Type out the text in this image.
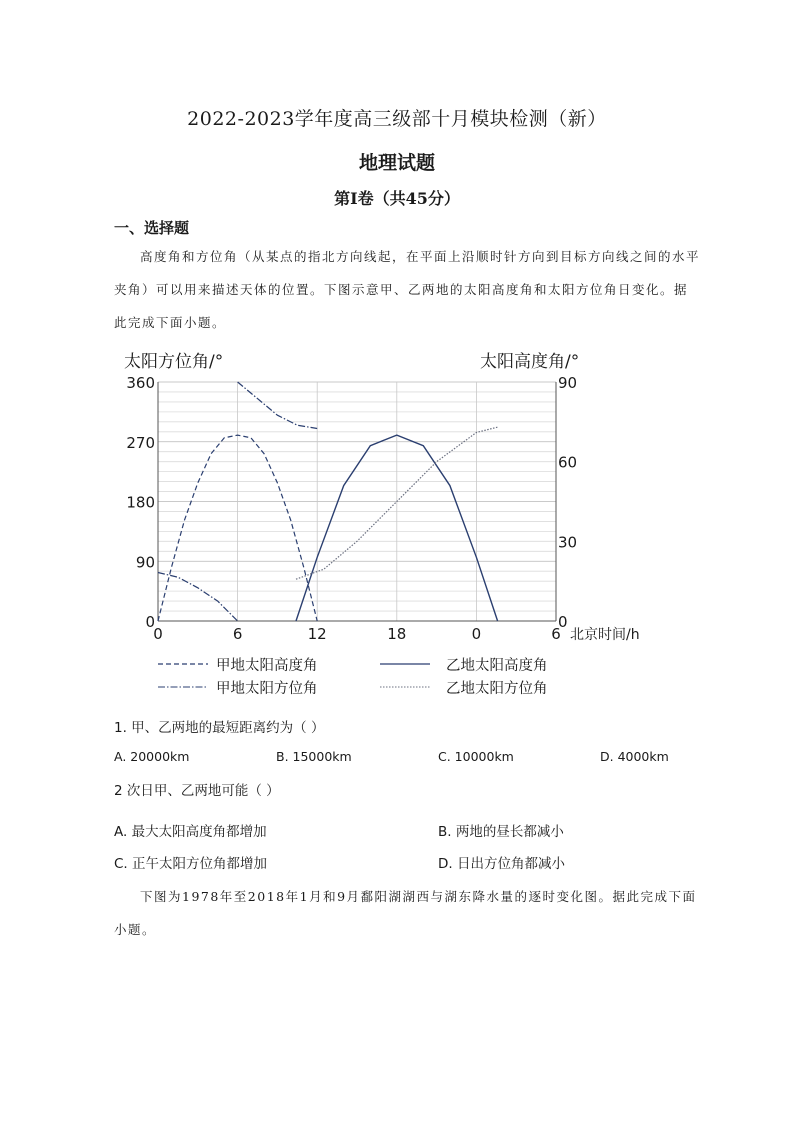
2022-2023学年度高三级部十月模块检测（新）
地理试题
第Ⅰ卷（共45分）
一、选择题
高度角和方位角（从某点的指北方向线起，在平面上沿顺时针方向到目标方向线之间的水平夹角）可以用来描述天体的位置。下图示意甲、乙两地的太阳高度角和太阳方位角日变化。据此完成下面小题。
太阳方位角/°	太阳高度角/°
北京时间/h
0
90
180
270
360
0
30
60
90
0	6	12	18	0	6
甲地太阳高度角	乙地太阳高度角
甲地太阳方位角	乙地太阳方位角
1. 甲、乙两地的最短距离约为（ ）
A. 20000km	B. 15000km	C. 10000km	D. 4000km
2 次日甲、乙两地可能（ ）
A. 最大太阳高度角都增加	B. 两地的昼长都减小
C. 正午太阳方位角都增加	D. 日出方位角都减小
下图为1978年至2018年1月和9月鄱阳湖湖西与湖东降水量的逐时变化图。据此完成下面小题。
